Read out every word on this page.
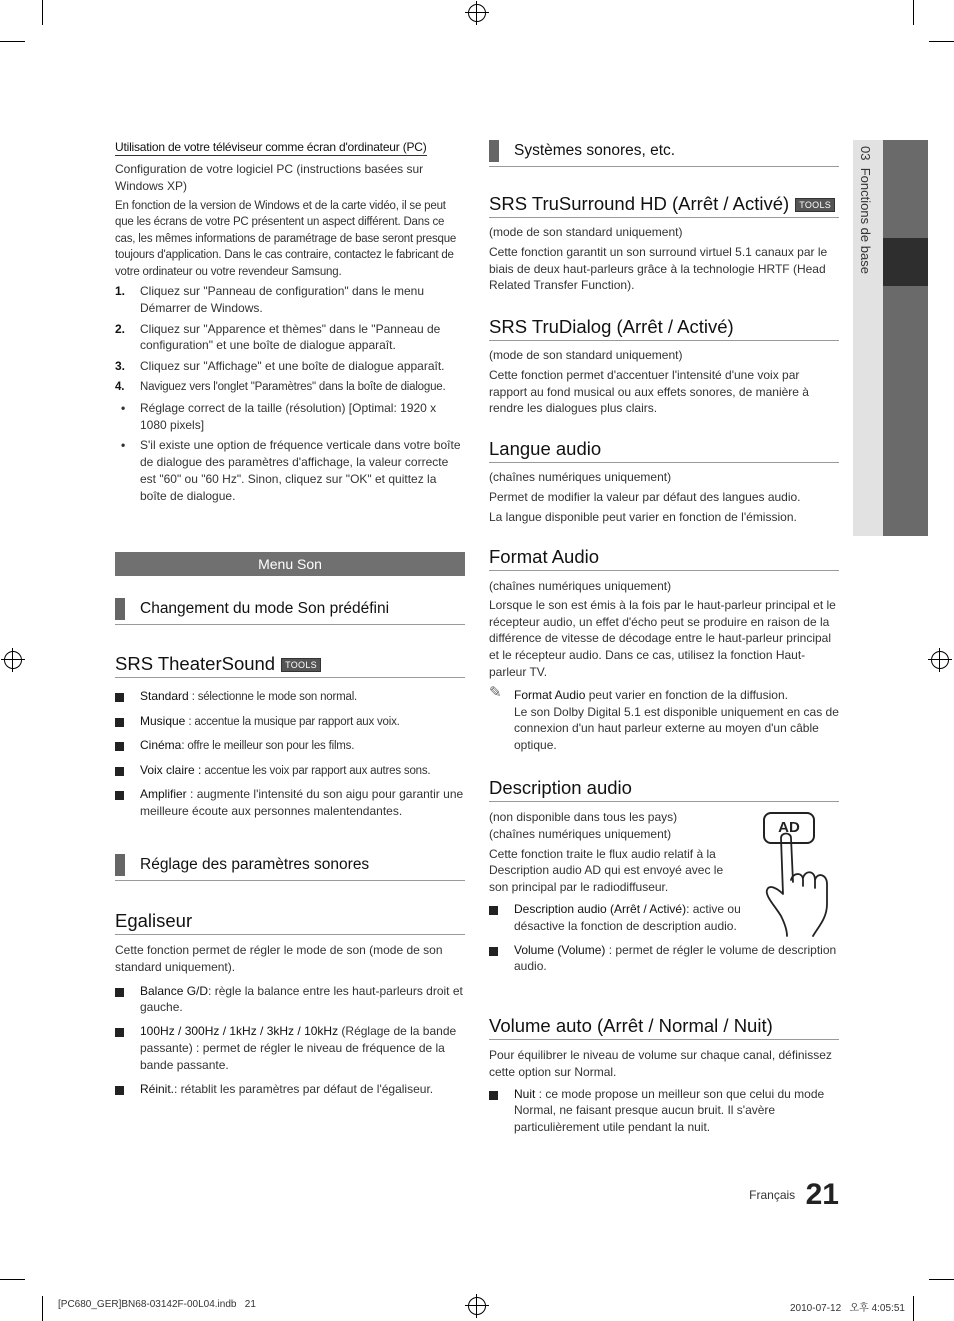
03  Fonctions de base

Utilisation de votre téléviseur comme écran d'ordinateur (PC)

Configuration de votre logiciel PC (instructions basées sur Windows XP)

En fonction de la version de Windows et de la carte vidéo, il se peut que les écrans de votre PC présentent un aspect différent. Dans ce cas, les mêmes informations de paramétrage de base seront presque toujours d'application. Dans le cas contraire, contactez le fabricant de votre ordinateur ou votre revendeur Samsung.

1. Cliquez sur "Panneau de configuration" dans le menu Démarrer de Windows.
2. Cliquez sur "Apparence et thèmes" dans le "Panneau de configuration" et une boîte de dialogue apparaît.
3. Cliquez sur "Affichage" et une boîte de dialogue apparaît.
4. Naviguez vers l'onglet "Paramètres" dans la boîte de dialogue.
• Réglage correct de la taille (résolution) [Optimal: 1920 x 1080 pixels]
• S'il existe une option de fréquence verticale dans votre boîte de dialogue des paramètres d'affichage, la valeur correcte est "60" ou "60 Hz". Sinon, cliquez sur "OK" et quittez la boîte de dialogue.
Menu Son
Changement du mode Son prédéfini
SRS TheaterSound TOOLS
Standard : sélectionne le mode son normal.
Musique : accentue la musique par rapport aux voix.
Cinéma: offre le meilleur son pour les films.
Voix claire : accentue les voix par rapport aux autres sons.
Amplifier : augmente l'intensité du son aigu pour garantir une meilleure écoute aux personnes malentendantes.
Réglage des paramètres sonores
Egaliseur

Cette fonction permet de régler le mode de son (mode de son standard uniquement).

Balance G/D: règle la balance entre les haut-parleurs droit et gauche.
100Hz / 300Hz / 1kHz / 3kHz / 10kHz (Réglage de la bande passante) : permet de régler le niveau de fréquence de la bande passante.
Réinit.: rétablit les paramètres par défaut de l'égaliseur.
Systèmes sonores, etc.
SRS TruSurround HD (Arrêt / Activé) TOOLS

(mode de son standard uniquement)

Cette fonction garantit un son surround virtuel 5.1 canaux par le biais de deux haut-parleurs grâce à la technologie HRTF (Head Related Transfer Function).

SRS TruDialog (Arrêt / Activé)

(mode de son standard uniquement)

Cette fonction permet d'accentuer l'intensité d'une voix par rapport au fond musical ou aux effets sonores, de manière à rendre les dialogues plus clairs.

Langue audio

(chaînes numériques uniquement)

Permet de modifier la valeur par défaut des langues audio.

La langue disponible peut varier en fonction de l'émission.

Format Audio

(chaînes numériques uniquement)

Lorsque le son est émis à la fois par le haut-parleur principal et le récepteur audio, un effet d'écho peut se produire en raison de la différence de vitesse de décodage entre le haut-parleur principal et le récepteur audio. Dans ce cas, utilisez la fonction Haut-parleur TV.

✎ Format Audio peut varier en fonction de la diffusion.
Le son Dolby Digital 5.1 est disponible uniquement en cas de connexion d'un haut parleur externe au moyen d'un câble optique.
Description audio

(non disponible dans tous les pays)

(chaînes numériques uniquement)

Cette fonction traite le flux audio relatif à la Description audio AD qui est envoyé avec le son principal par le radiodiffuseur.

Description audio (Arrêt / Activé): active ou désactive la fonction de description audio.
Volume (Volume) : permet de régler le volume de description audio.
AD
Volume auto (Arrêt / Normal / Nuit)

Pour équilibrer le niveau de volume sur chaque canal, définissez cette option sur Normal.

Nuit : ce mode propose un meilleur son que celui du mode Normal, ne faisant presque aucun bruit. Il s'avère particulièrement utile pendant la nuit.
Français 21
[PC680_GER]BN68-03142F-00L04.indb   21	2010-07-12   오후 4:05:51
